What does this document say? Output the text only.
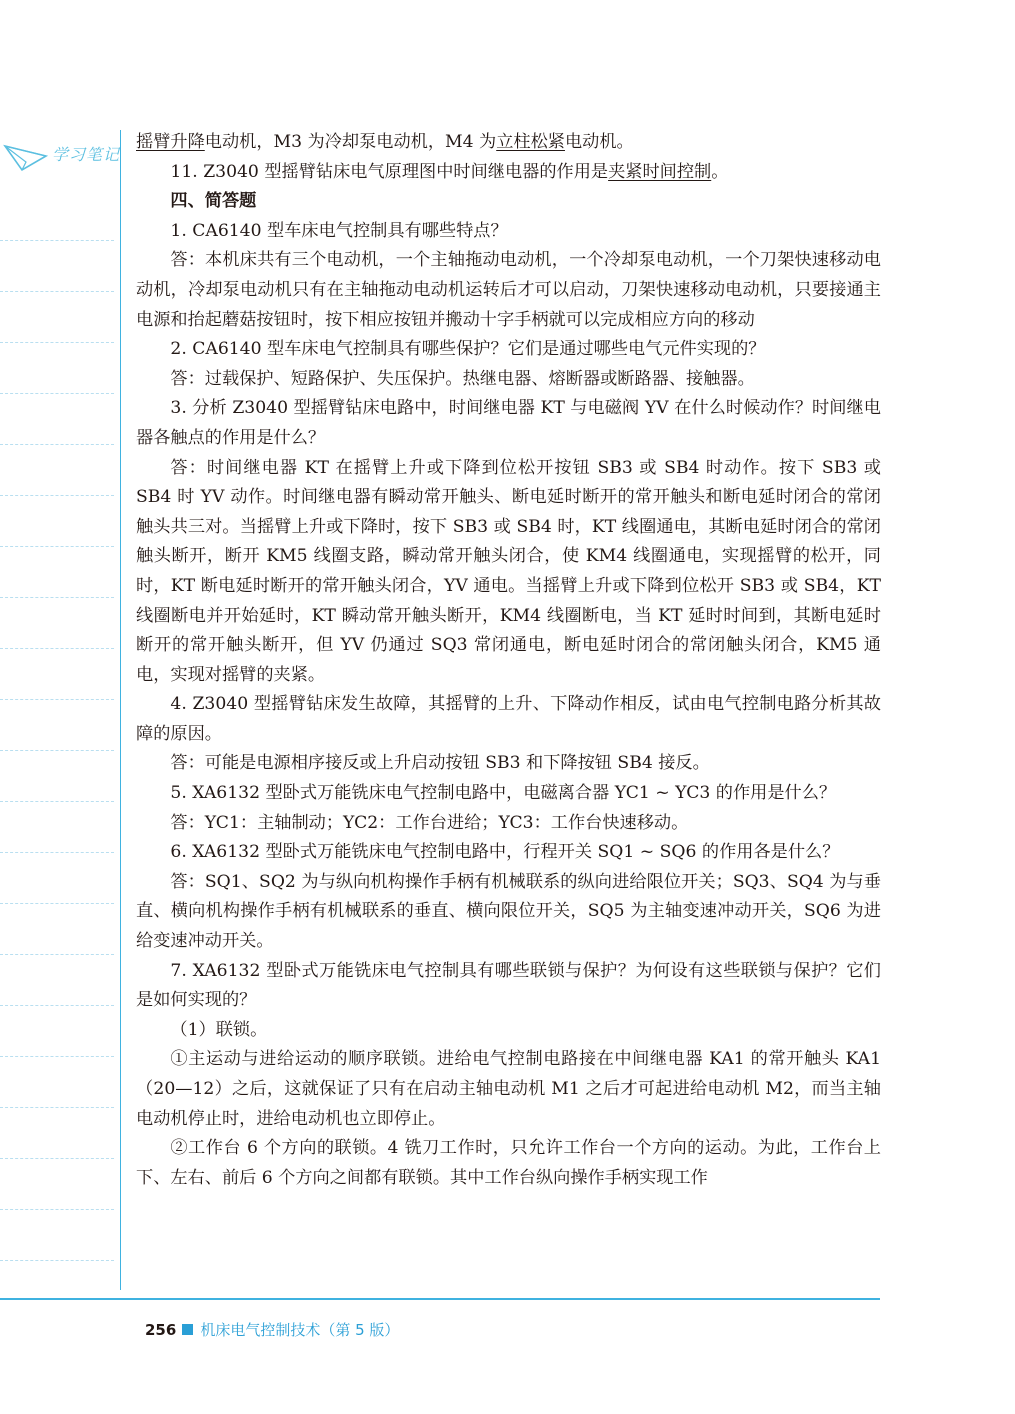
学习笔记

摇臂升降电动机，M3 为冷却泵电动机，M4 为立柱松紧电动机。

11. Z3040 型摇臂钻床电气原理图中时间继电器的作用是夹紧时间控制。

四、简答题

1. CA6140 型车床电气控制具有哪些特点？

答：本机床共有三个电动机，一个主轴拖动电动机，一个冷却泵电动机，一个刀架快速移动电动机，冷却泵电动机只有在主轴拖动电动机运转后才可以启动，刀架快速移动电动机，只要接通主电源和抬起蘑菇按钮时，按下相应按钮并搬动十字手柄就可以完成相应方向的移动

2. CA6140 型车床电气控制具有哪些保护？它们是通过哪些电气元件实现的？

答：过载保护、短路保护、失压保护。热继电器、熔断器或断路器、接触器。

3. 分析 Z3040 型摇臂钻床电路中，时间继电器 KT 与电磁阀 YV 在什么时候动作？时间继电器各触点的作用是什么？

答：时间继电器 KT 在摇臂上升或下降到位松开按钮 SB3 或 SB4 时动作。按下 SB3 或 SB4 时 YV 动作。时间继电器有瞬动常开触头、断电延时断开的常开触头和断电延时闭合的常闭触头共三对。当摇臂上升或下降时，按下 SB3 或 SB4 时，KT 线圈通电，其断电延时闭合的常闭触头断开，断开 KM5 线圈支路，瞬动常开触头闭合，使 KM4 线圈通电，实现摇臂的松开，同时，KT 断电延时断开的常开触头闭合，YV 通电。当摇臂上升或下降到位松开 SB3 或 SB4，KT 线圈断电并开始延时，KT 瞬动常开触头断开，KM4 线圈断电，当 KT 延时时间到，其断电延时断开的常开触头断开，但 YV 仍通过 SQ3 常闭通电，断电延时闭合的常闭触头闭合，KM5 通电，实现对摇臂的夹紧。

4. Z3040 型摇臂钻床发生故障，其摇臂的上升、下降动作相反，试由电气控制电路分析其故障的原因。

答：可能是电源相序接反或上升启动按钮 SB3 和下降按钮 SB4 接反。

5. XA6132 型卧式万能铣床电气控制电路中，电磁离合器 YC1 ~ YC3 的作用是什么？

答：YC1：主轴制动；YC2：工作台进给；YC3：工作台快速移动。

6. XA6132 型卧式万能铣床电气控制电路中，行程开关 SQ1 ~ SQ6 的作用各是什么？

答：SQ1、SQ2 为与纵向机构操作手柄有机械联系的纵向进给限位开关；SQ3、SQ4 为与垂直、横向机构操作手柄有机械联系的垂直、横向限位开关，SQ5 为主轴变速冲动开关，SQ6 为进给变速冲动开关。

7. XA6132 型卧式万能铣床电气控制具有哪些联锁与保护？为何设有这些联锁与保护？它们是如何实现的？

（1）联锁。

①主运动与进给运动的顺序联锁。进给电气控制电路接在中间继电器 KA1 的常开触头 KA1（20—12）之后，这就保证了只有在启动主轴电动机 M1 之后才可起进给电动机 M2，而当主轴电动机停止时，进给电动机也立即停止。

②工作台 6 个方向的联锁。4 铣刀工作时，只允许工作台一个方向的运动。为此，工作台上下、左右、前后 6 个方向之间都有联锁。其中工作台纵向操作手柄实现工作

256 机床电气控制技术（第 5 版）
